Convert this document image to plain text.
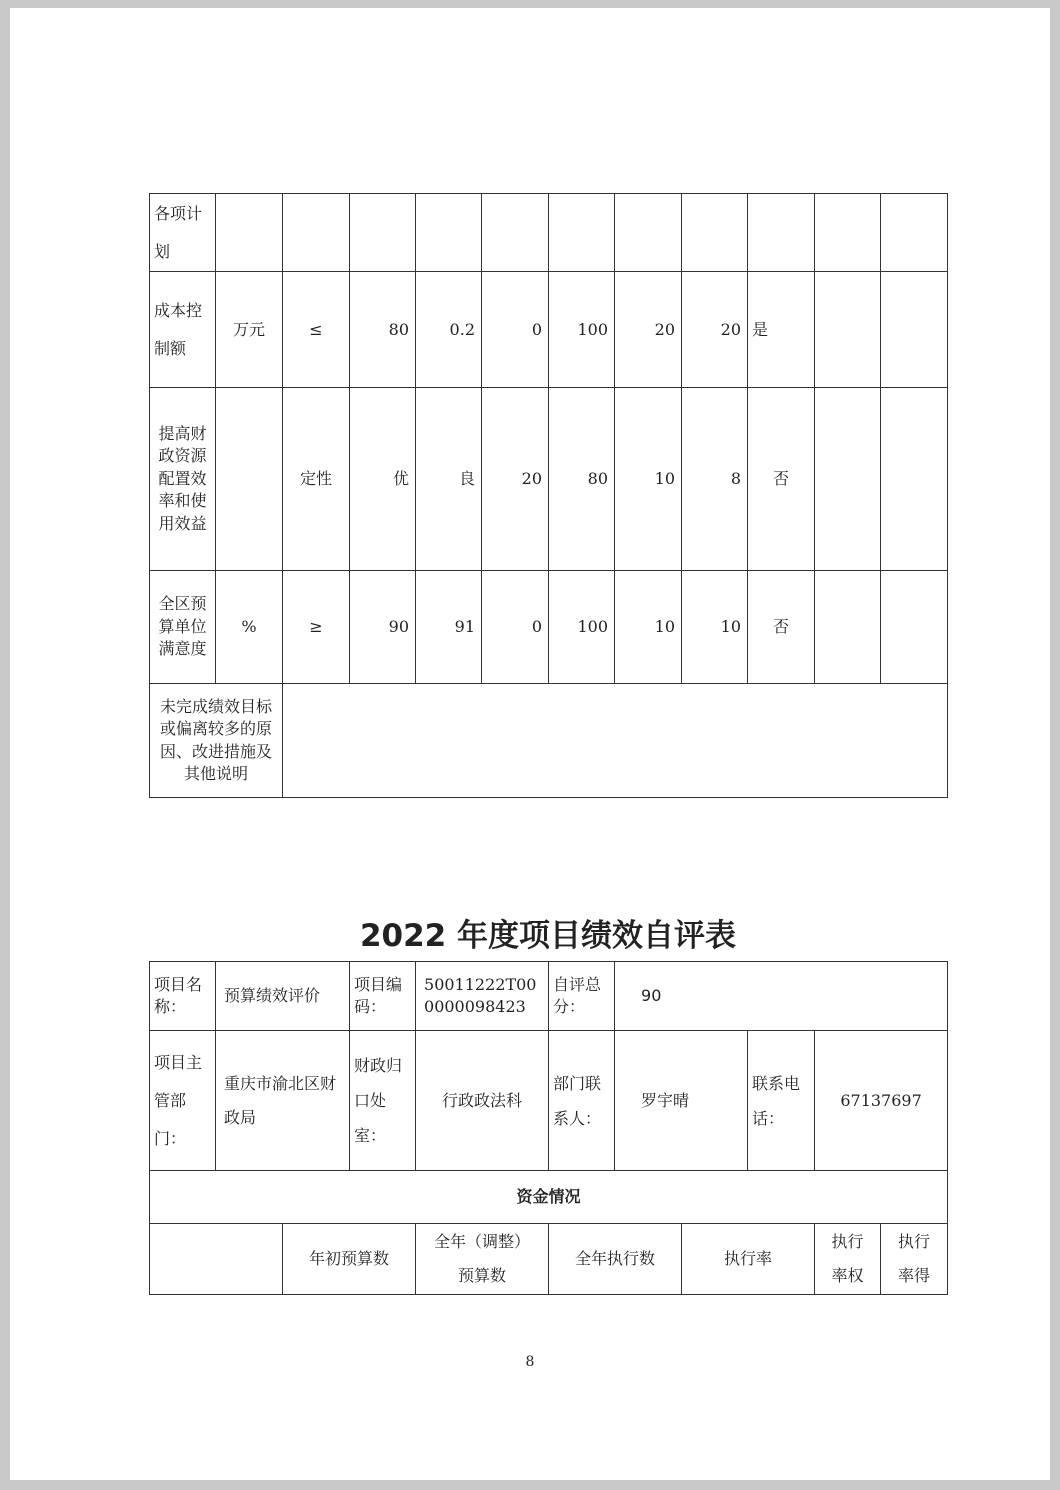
各项计划											
成本控制额	万元	≤	80	0.2	0	100	20	20	是		
提高财政资源配置效率和使用效益		定性	优	良	20	80	10	8	否		
全区预算单位满意度	%	≥	90	91	0	100	10	10	否		
未完成绩效目标或偏离较多的原因、改进措施及其他说明											
2022 年度项目绩效自评表
项目名称：	预算绩效评价		项目编码：	50011222T000000098423	自评总分：	90				
项目主管部门：	重庆市渝北区财政局		财政归口处室：	行政政法科	部门联系人：	罗宇晴		联系电话：	67137697	
资金情况										
		年初预算数		全年（调整）预算数	全年执行数		执行率		执行率权	执行率得
8
